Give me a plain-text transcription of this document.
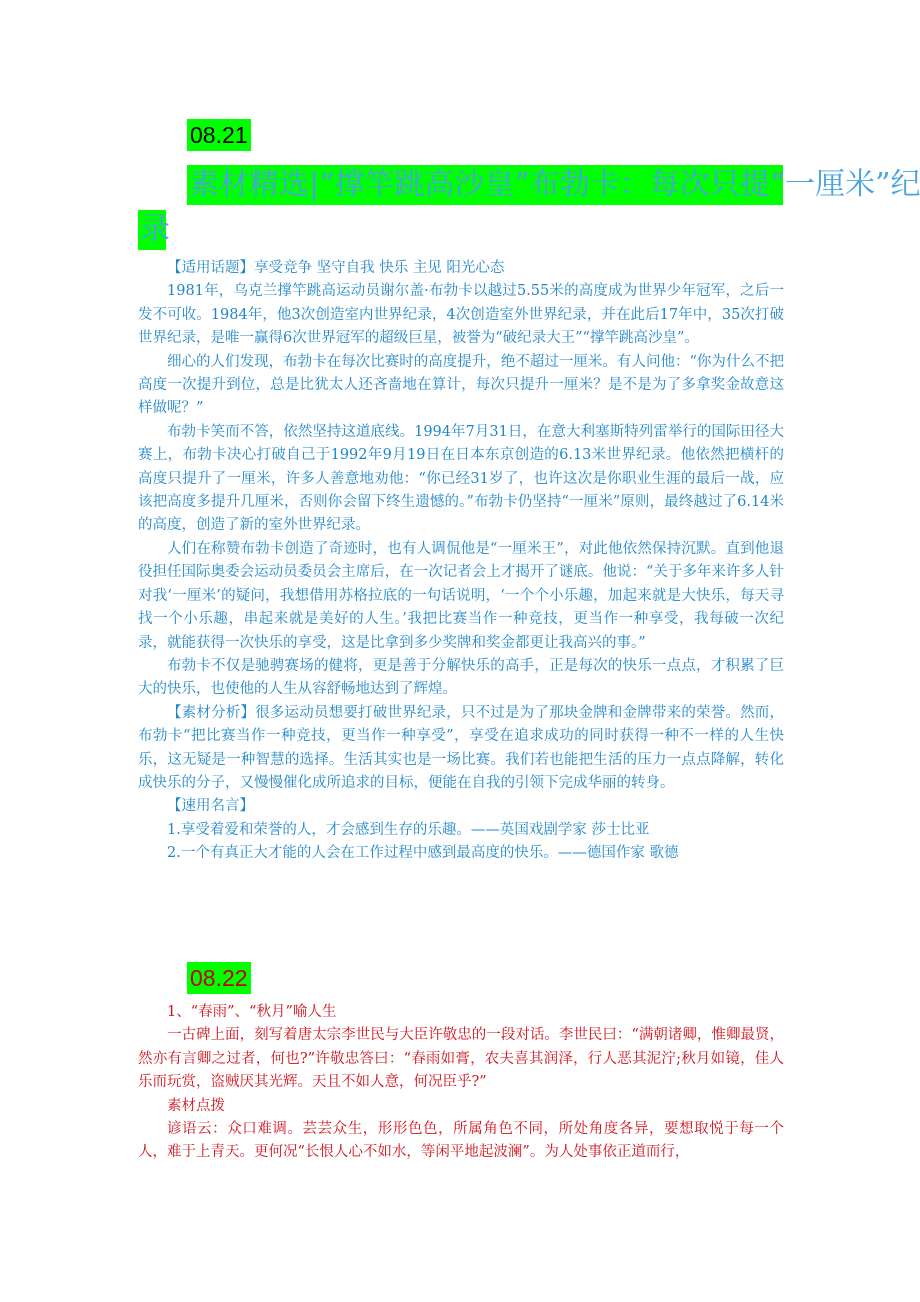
08.21
素材精选|“撑竿跳高沙皇”布勃卡：每次只提“一厘米”纪
录

【适用话题】享受竞争 坚守自我 快乐 主见 阳光心态

1981年，乌克兰撑竿跳高运动员谢尔盖·布勃卡以越过5.55米的高度成为世界少年冠军，之后一发不可收。1984年，他3次创造室内世界纪录，4次创造室外世界纪录，并在此后17年中，35次打破世界纪录，是唯一赢得6次世界冠军的超级巨星，被誉为“破纪录大王”“撑竿跳高沙皇”。

细心的人们发现，布勃卡在每次比赛时的高度提升，绝不超过一厘米。有人问他：“你为什么不把高度一次提升到位，总是比犹太人还吝啬地在算计，每次只提升一厘米？是不是为了多拿奖金故意这样做呢？”

布勃卡笑而不答，依然坚持这道底线。1994年7月31日，在意大利塞斯特列雷举行的国际田径大赛上，布勃卡决心打破自己于1992年9月19日在日本东京创造的6.13米世界纪录。他依然把横杆的高度只提升了一厘米，许多人善意地劝他：“你已经31岁了，也许这次是你职业生涯的最后一战，应该把高度多提升几厘米，否则你会留下终生遗憾的。”布勃卡仍坚持“一厘米”原则，最终越过了6.14米的高度，创造了新的室外世界纪录。

人们在称赞布勃卡创造了奇迹时，也有人调侃他是“一厘米王”，对此他依然保持沉默。直到他退役担任国际奥委会运动员委员会主席后，在一次记者会上才揭开了谜底。他说：“关于多年来许多人针对我‘一厘米’的疑问，我想借用苏格拉底的一句话说明，‘一个个小乐趣，加起来就是大快乐，每天寻找一个小乐趣，串起来就是美好的人生。’我把比赛当作一种竞技，更当作一种享受，我每破一次纪录，就能获得一次快乐的享受，这是比拿到多少奖牌和奖金都更让我高兴的事。”

布勃卡不仅是驰骋赛场的健将，更是善于分解快乐的高手，正是每次的快乐一点点，才积累了巨大的快乐，也使他的人生从容舒畅地达到了辉煌。

【素材分析】很多运动员想要打破世界纪录，只不过是为了那块金牌和金牌带来的荣誉。然而，布勃卡“把比赛当作一种竞技，更当作一种享受”，享受在追求成功的同时获得一种不一样的人生快乐，这无疑是一种智慧的选择。生活其实也是一场比赛。我们若也能把生活的压力一点点降解，转化成快乐的分子，又慢慢催化成所追求的目标，便能在自我的引领下完成华丽的转身。

【速用名言】

1.享受着爱和荣誉的人，才会感到生存的乐趣。——英国戏剧学家 莎士比亚

2.一个有真正大才能的人会在工作过程中感到最高度的快乐。——德国作家 歌德

08.22

1、“春雨”、“秋月”喻人生

一古碑上面，刻写着唐太宗李世民与大臣许敬忠的一段对话。李世民曰：“满朝诸卿，惟卿最贤，然亦有言卿之过者，何也?”许敬忠答曰：“春雨如膏，农夫喜其润泽，行人恶其泥泞;秋月如镜，佳人乐而玩赏，盗贼厌其光辉。天且不如人意，何况臣乎?”

素材点拨

谚语云：众口难调。芸芸众生，形形色色，所属角色不同，所处角度各异，要想取悦于每一个人，难于上青天。更何况“长恨人心不如水，等闲平地起波澜”。为人处事依正道而行，
